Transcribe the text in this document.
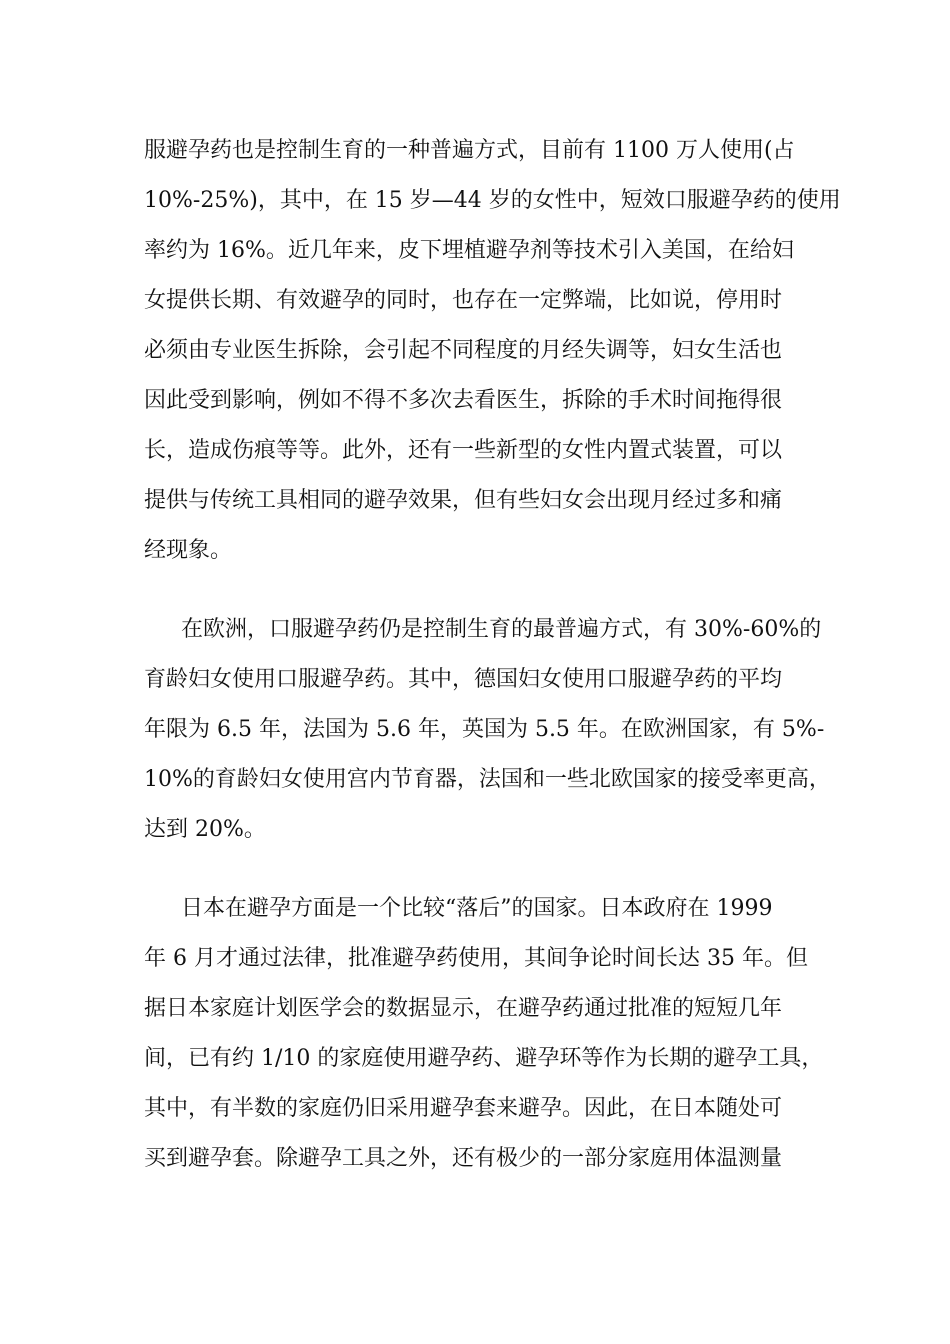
服避孕药也是控制生育的一种普遍方式，目前有 1100 万人使用(占
10%-25%)，其中，在 15 岁—44 岁的女性中，短效口服避孕药的使用
率约为 16%。近几年来，皮下埋植避孕剂等技术引入美国，在给妇
女提供长期、有效避孕的同时，也存在一定弊端，比如说，停用时
必须由专业医生拆除，会引起不同程度的月经失调等，妇女生活也
因此受到影响，例如不得不多次去看医生，拆除的手术时间拖得很
长，造成伤痕等等。此外，还有一些新型的女性内置式装置，可以
提供与传统工具相同的避孕效果，但有些妇女会出现月经过多和痛
经现象。
在欧洲，口服避孕药仍是控制生育的最普遍方式，有 30%-60%的
育龄妇女使用口服避孕药。其中，德国妇女使用口服避孕药的平均
年限为 6.5 年，法国为 5.6 年，英国为 5.5 年。在欧洲国家，有 5%-
10%的育龄妇女使用宫内节育器，法国和一些北欧国家的接受率更高，
达到 20%。
日本在避孕方面是一个比较“落后”的国家。日本政府在 1999
年 6 月才通过法律，批准避孕药使用，其间争论时间长达 35 年。但
据日本家庭计划医学会的数据显示，在避孕药通过批准的短短几年
间，已有约 1/10 的家庭使用避孕药、避孕环等作为长期的避孕工具，
其中，有半数的家庭仍旧采用避孕套来避孕。因此，在日本随处可
买到避孕套。除避孕工具之外，还有极少的一部分家庭用体温测量
